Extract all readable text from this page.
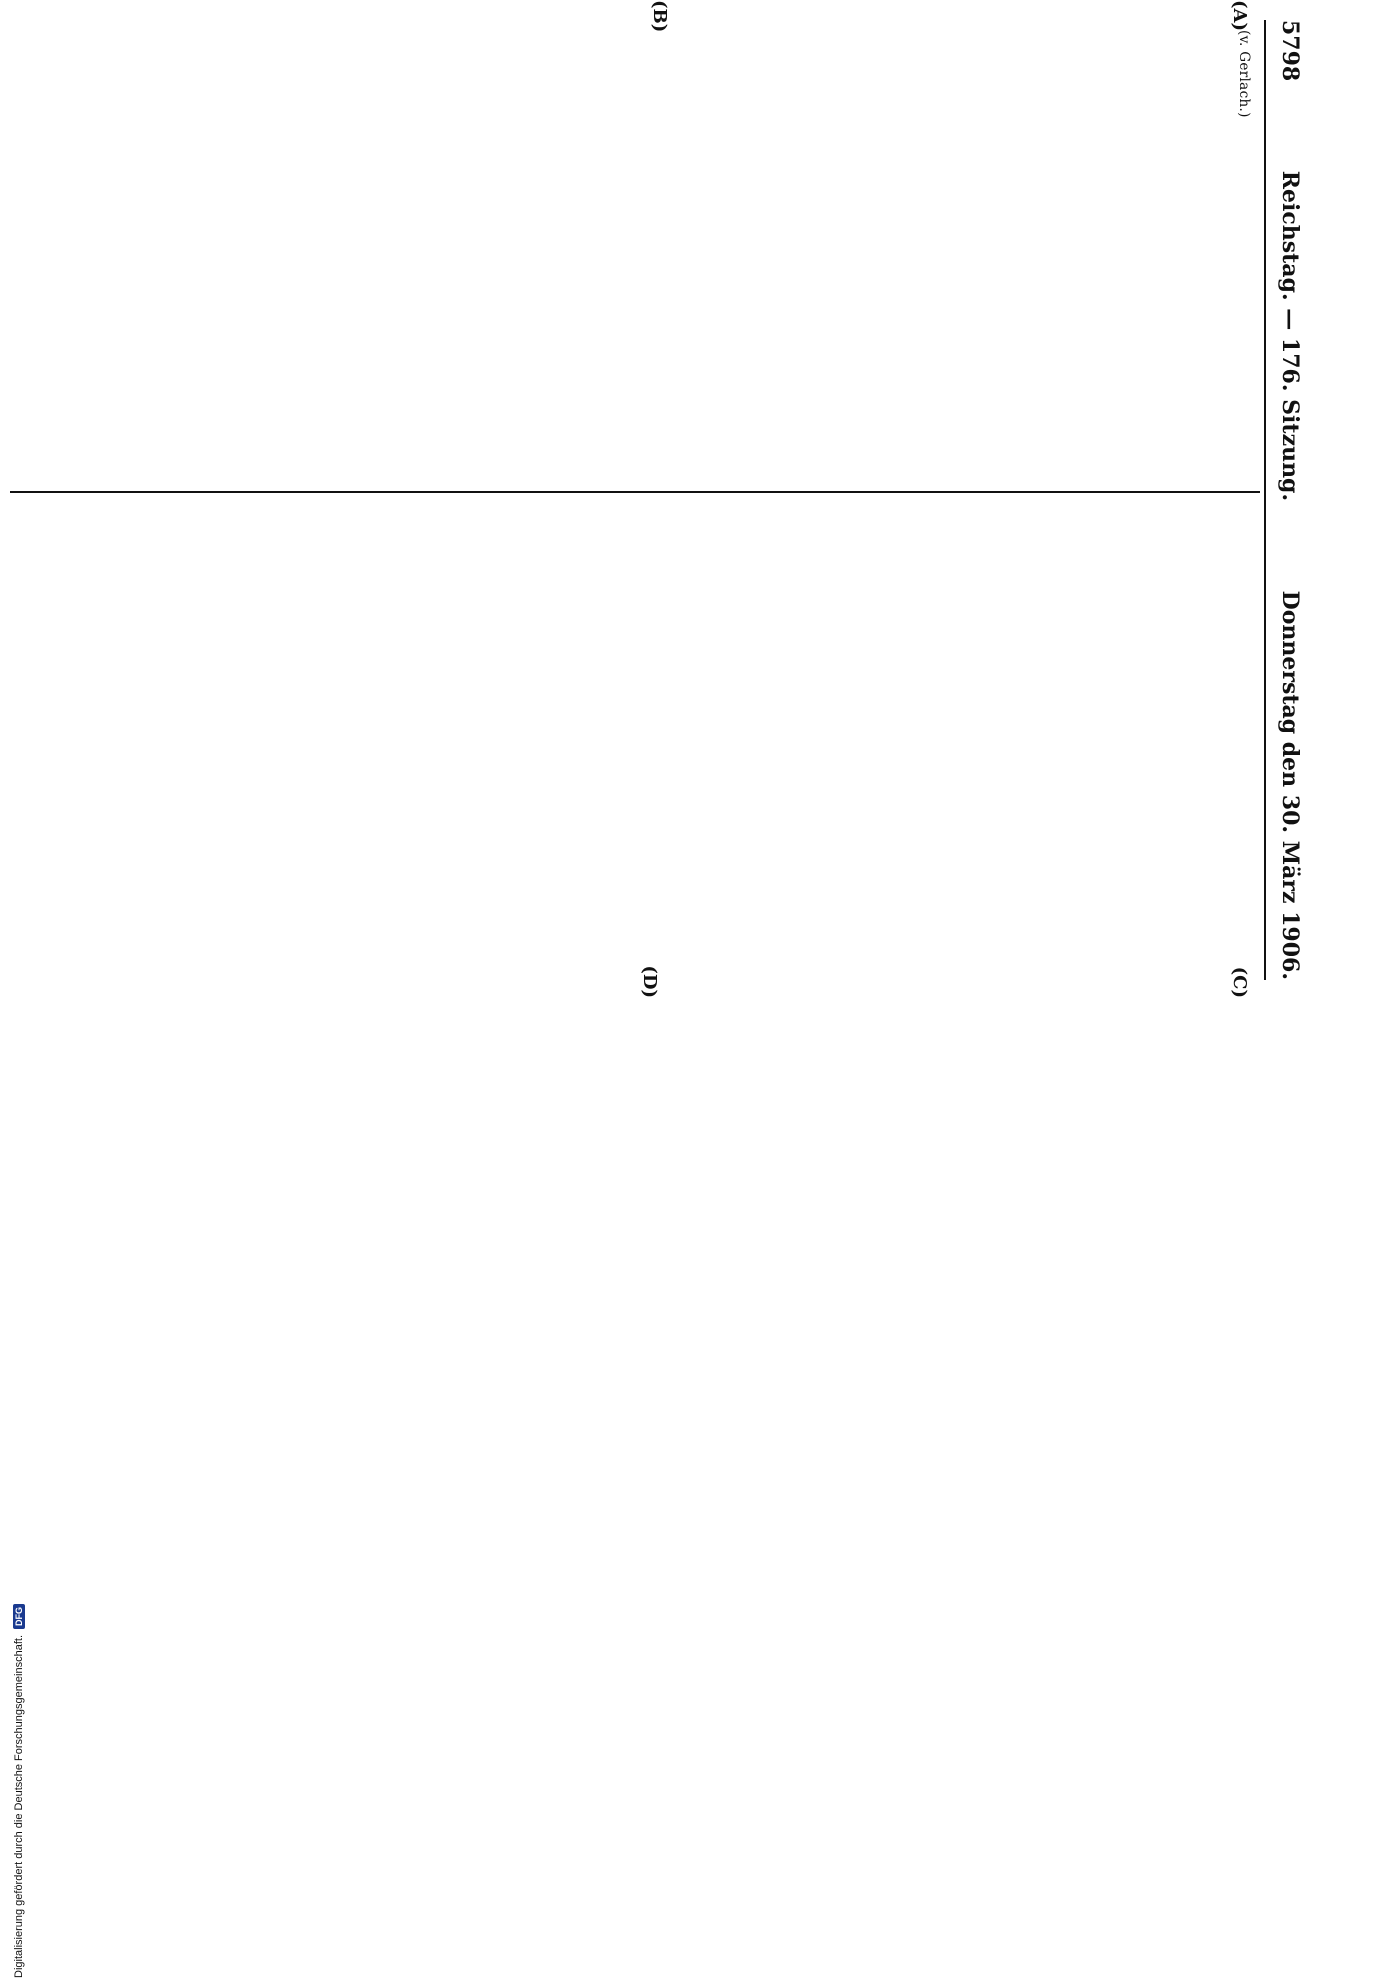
5798
Reichstag. — 176. Sitzung.
Donnerstag den 30. März 1906.
(A)
(B)
(C)
(D)

(v. Gerlach.)

Digitalisierung gefördert durch die Deutsche Forschungsgemeinschaft.
DFG
